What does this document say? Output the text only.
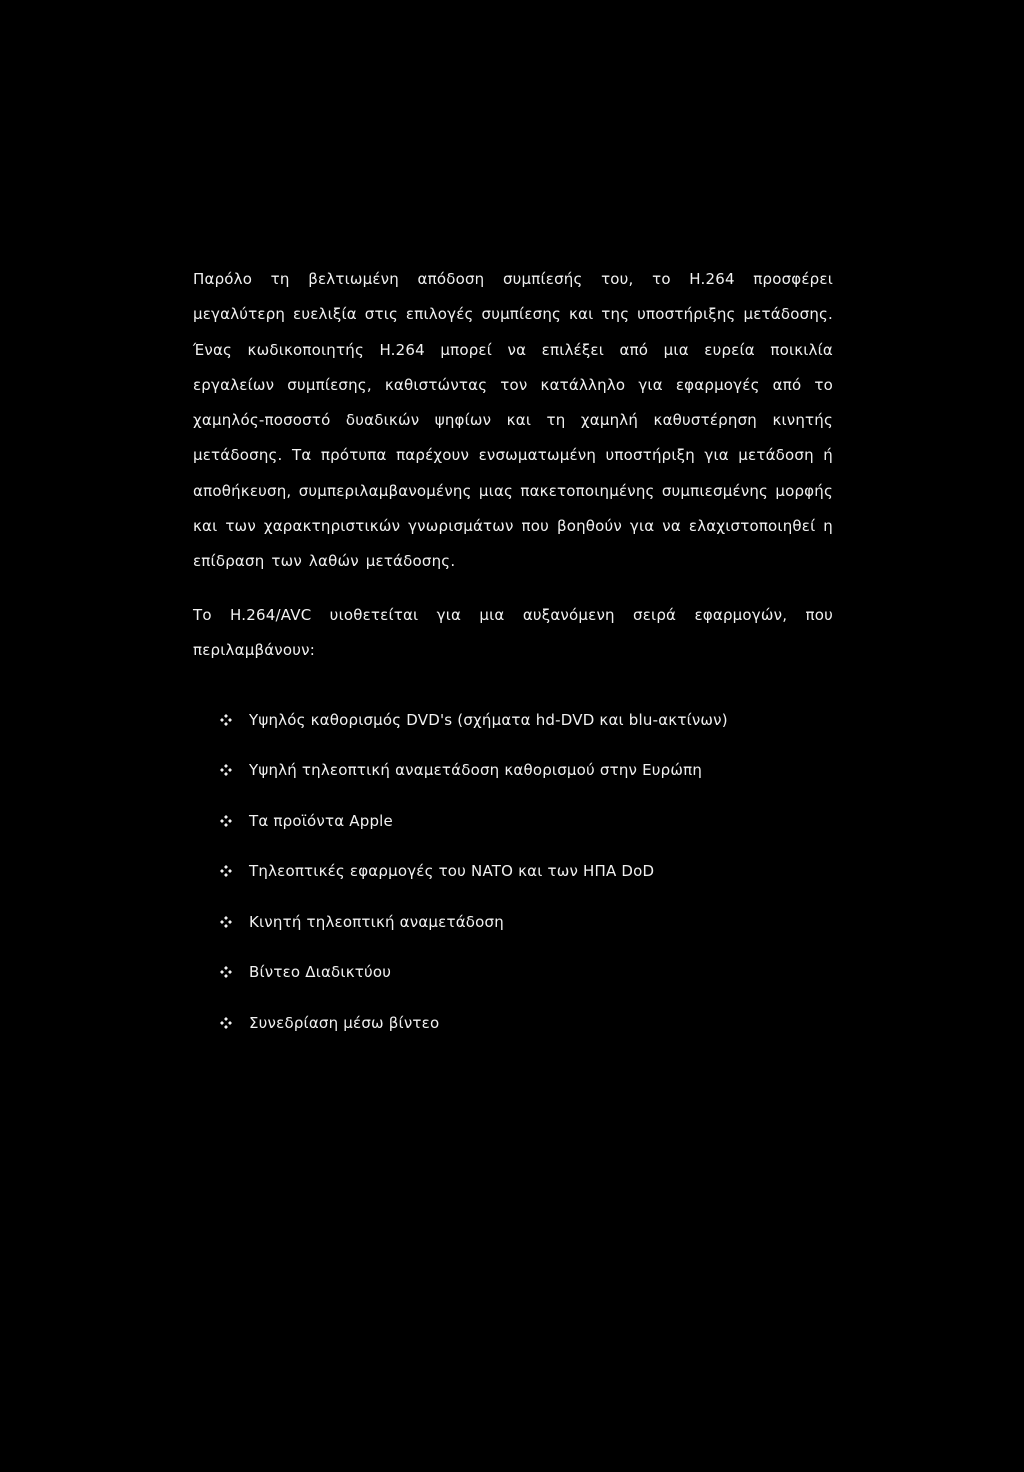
Παρόλο τη βελτιωμένη απόδοση συμπίεσής του, το H.264 προσφέρει μεγαλύτερη ευελιξία στις επιλογές συμπίεσης και της υποστήριξης μετάδοσης. Ένας κωδικοποιητής H.264 μπορεί να επιλέξει από μια ευρεία ποικιλία εργαλείων συμπίεσης, καθιστώντας τον κατάλληλο για εφαρμογές από το χαμηλός-ποσοστό δυαδικών ψηφίων και τη χαμηλή καθυστέρηση κινητής μετάδοσης. Τα πρότυπα παρέχουν ενσωματωμένη υποστήριξη για μετάδοση ή αποθήκευση, συμπεριλαμβανομένης μιας πακετοποιημένης συμπιεσμένης μορφής και των χαρακτηριστικών γνωρισμάτων που βοηθούν για να ελαχιστοποιηθεί η επίδραση των λαθών μετάδοσης.

Το H.264/AVC υιοθετείται για μια αυξανόμενη σειρά εφαρμογών, που περιλαμβάνουν:

Υψηλός καθορισμός DVD's (σχήματα hd-DVD και blu-ακτίνων)
Υψηλή τηλεοπτική αναμετάδοση καθορισμού στην Ευρώπη
Τα προϊόντα Apple
Τηλεοπτικές εφαρμογές του NATO και των ΗΠΑ DoD
Κινητή τηλεοπτική αναμετάδοση
Βίντεο Διαδικτύου
Συνεδρίαση μέσω βίντεο
